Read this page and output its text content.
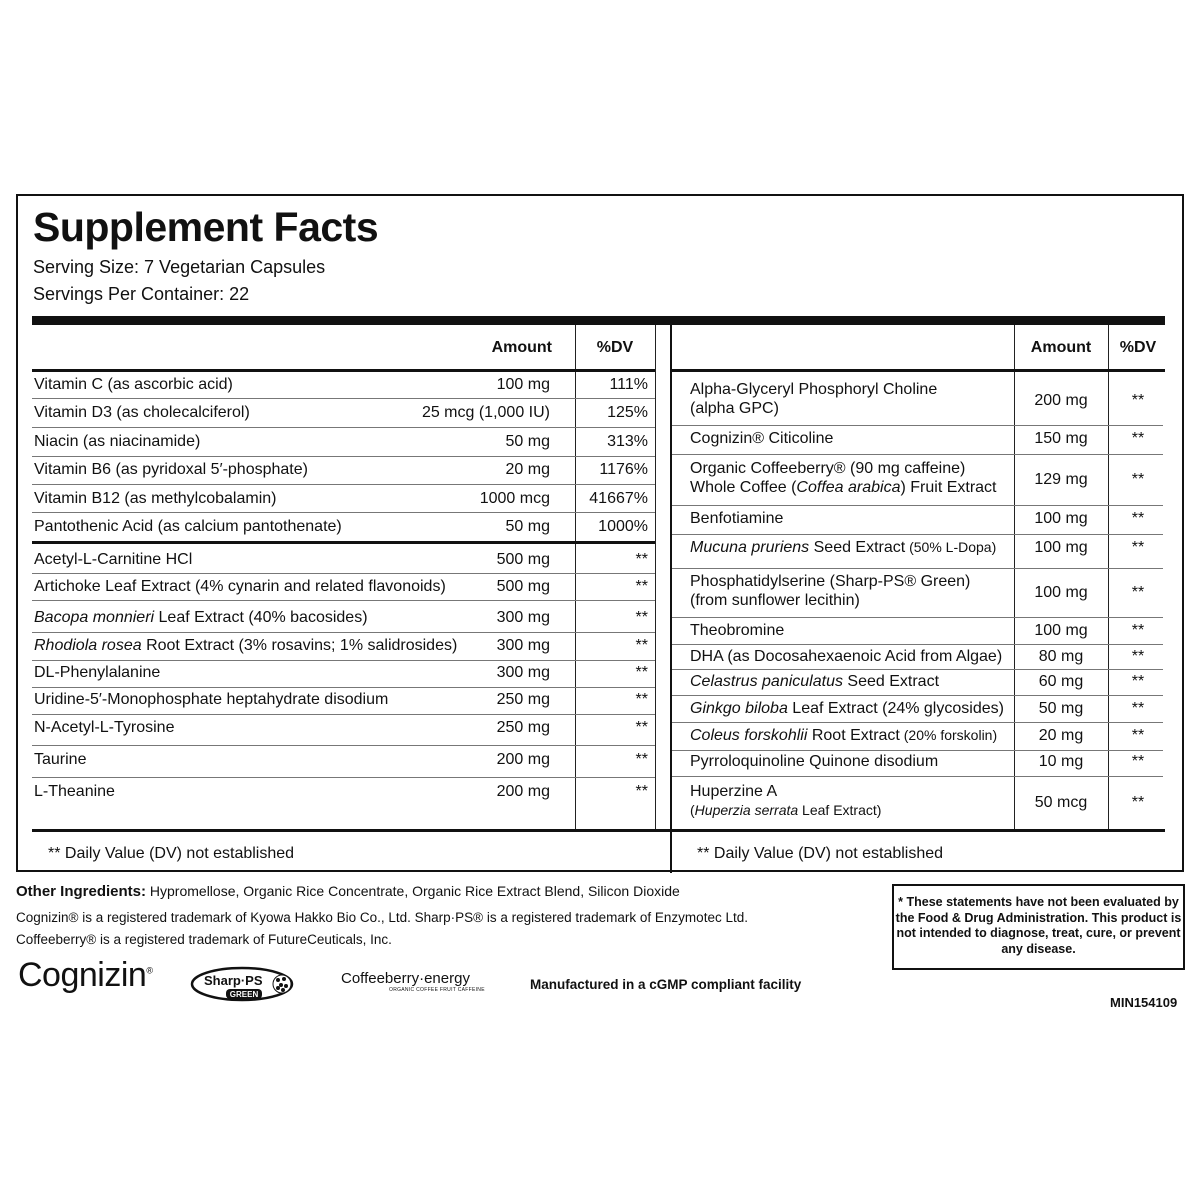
Supplement Facts
Serving Size: 7 Vegetarian Capsules
Servings Per Container: 22
Amount	%DV	Amount	%DV
Vitamin C (as ascorbic acid)	100 mg	111%
Vitamin D3 (as cholecalciferol)	25 mcg (1,000 IU)	125%
Niacin (as niacinamide)	50 mg	313%
Vitamin B6 (as pyridoxal 5′-phosphate)	20 mg	1176%
Vitamin B12 (as methylcobalamin)	1000 mcg	41667%
Pantothenic Acid (as calcium pantothenate)	50 mg	1000%
Acetyl-L-Carnitine HCl	500 mg	**
Artichoke Leaf Extract (4% cynarin and related flavonoids)	500 mg	**
Bacopa monnieri Leaf Extract (40% bacosides)	300 mg	**
Rhodiola rosea Root Extract (3% rosavins; 1% salidrosides)	300 mg	**
DL-Phenylalanine	300 mg	**
Uridine-5′-Monophosphate heptahydrate disodium	250 mg	**
N-Acetyl-L-Tyrosine	250 mg	**
Taurine	200 mg	**
L-Theanine	200 mg	**
Alpha-Glyceryl Phosphoryl Choline
(alpha GPC)	200 mg	**
Cognizin® Citicoline	150 mg	**
Organic Coffeeberry® (90 mg caffeine)
Whole Coffee (Coffea arabica) Fruit Extract	129 mg	**
Benfotiamine	100 mg	**
Mucuna pruriens Seed Extract (50% L-Dopa)	100 mg	**
Phosphatidylserine (Sharp-PS® Green)
(from sunflower lecithin)	100 mg	**
Theobromine	100 mg	**
DHA (as Docosahexaenoic Acid from Algae)	80 mg	**
Celastrus paniculatus Seed Extract	60 mg	**
Ginkgo biloba Leaf Extract (24% glycosides)	50 mg	**
Coleus forskohlii Root Extract (20% forskolin)	20 mg	**
Pyrroloquinoline Quinone disodium	10 mg	**
Huperzine A
(Huperzia serrata Leaf Extract)	50 mcg	**
** Daily Value (DV) not established	** Daily Value (DV) not established
Other Ingredients: Hypromellose, Organic Rice Concentrate, Organic Rice Extract Blend, Silicon Dioxide
Cognizin® is a registered trademark of Kyowa Hakko Bio Co., Ltd. Sharp·PS® is a registered trademark of Enzymotec Ltd.
Coffeeberry® is a registered trademark of FutureCeuticals, Inc.
* These statements have not been evaluated by the Food & Drug Administration. This product is not intended to diagnose, treat, cure, or prevent any disease.
Cognizin®
Sharp·PS
GREEN
Coffeeberry·energy
ORGANIC COFFEE FRUIT CAFFEINE	Manufactured in a cGMP compliant facility
MIN154109
